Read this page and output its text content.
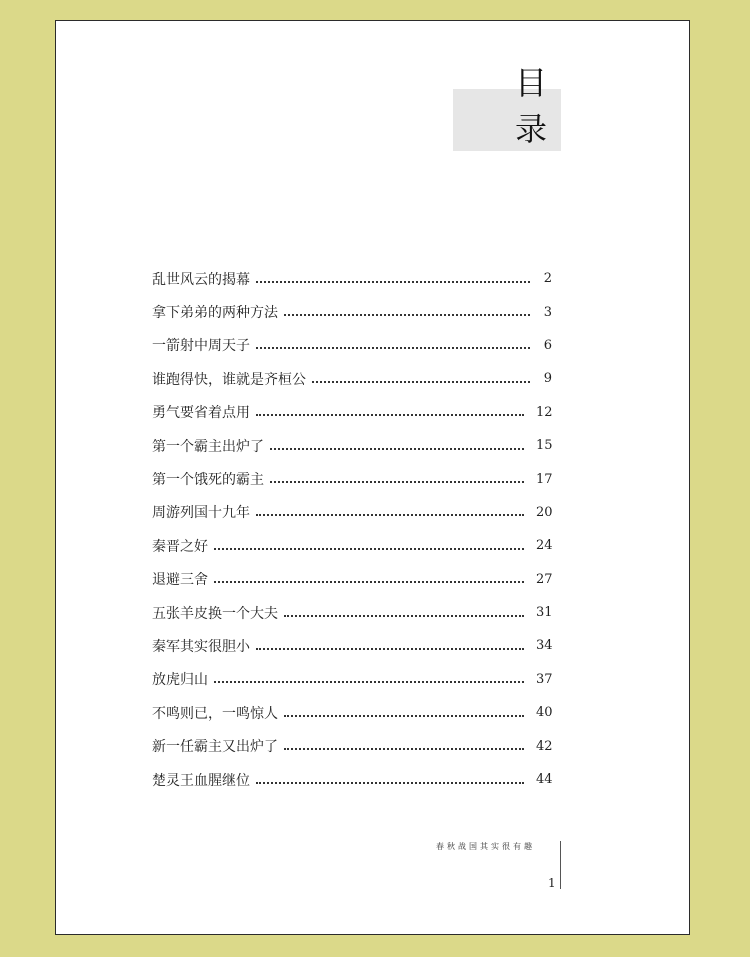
目
录
乱世风云的揭幕	2
拿下弟弟的两种方法	3
一箭射中周天子	6
谁跑得快，谁就是齐桓公	9
勇气要省着点用	12
第一个霸主出炉了	15
第一个饿死的霸主	17
周游列国十九年	20
秦晋之好	24
退避三舍	27
五张羊皮换一个大夫	31
秦军其实很胆小	34
放虎归山	37
不鸣则已，一鸣惊人	40
新一任霸主又出炉了	42
楚灵王血腥继位	44
春秋战国其实很有趣
1
